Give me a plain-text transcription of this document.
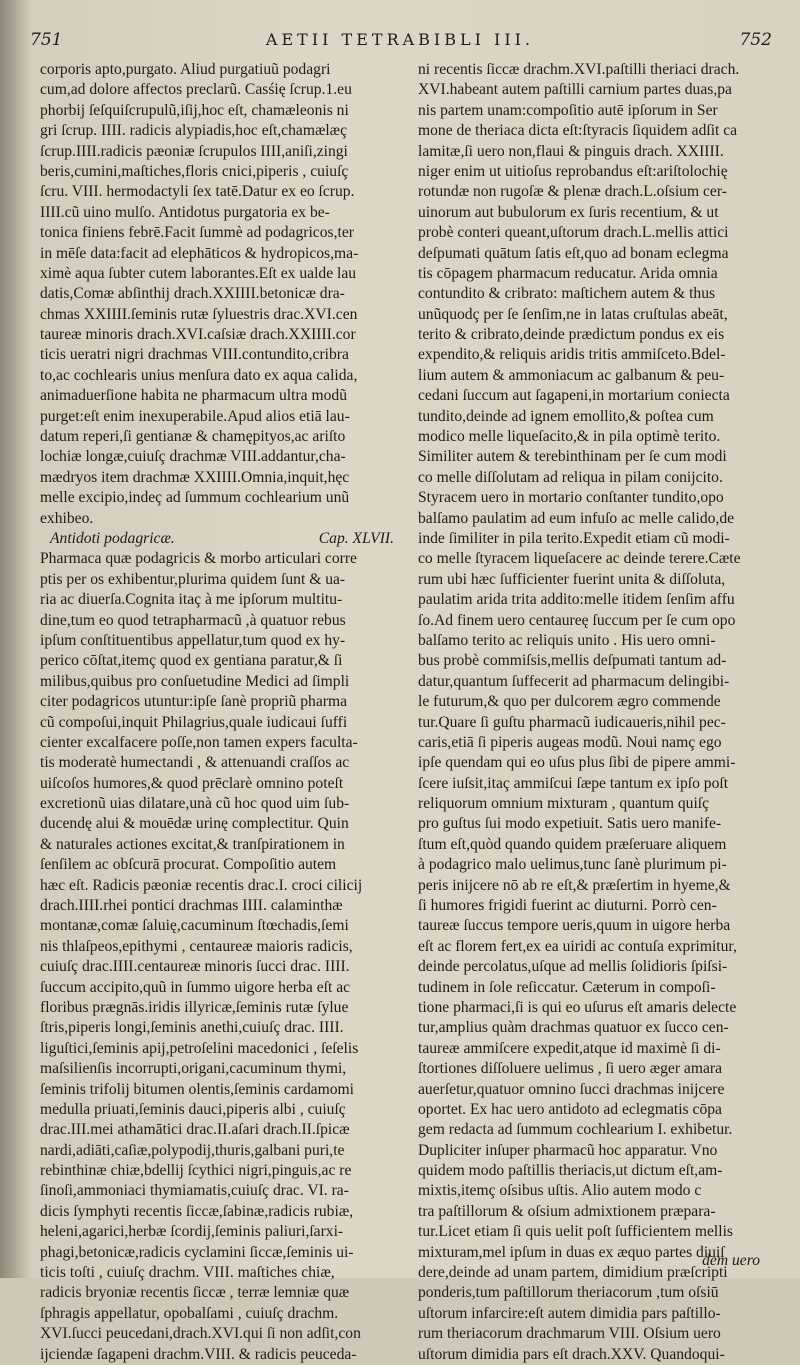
751	AETII TETRABIBLI III.	752
corporis apto,purgato. Aliud purgatiuũ podagri
cum,ad dolore affectos preclarũ. Casśię ſcrup.1.eu
phorbij ſeſquiſcrupulũ,iſij,hoc eſt, chamæleonis ni
gri ſcrup. IIII. radicis alypiadis,hoc eſt,chamælæç
ſcrup.IIII.radicis pæoniæ ſcrupulos IIII,aniſi,zingi
beris,cumini,maſtiches,floris cnici,piperis , cuiuſç
ſcru. VIII. hermodactyli ſex tatē.Datur ex eo ſcrup.
IIII.cũ uino mulſo. Antidotus purgatoria ex be-
tonica finiens febrē.Facit ſummè ad podagricos,ter
in mēſe data:facit ad elephāticos & hydropicos,ma-
ximè aqua ſubter cutem laborantes.Eſt ex ualde lau
datis,Comæ abſinthij drach.XXIIII.betonicæ dra-
chmas XXIIII.ſeminis rutæ ſyluestris drac.XVI.cen
taureæ minoris drach.XVI.caſsiæ drach.XXIIII.cor
ticis ueratri nigri drachmas VIII.contundito,cribra
to,ac cochlearis unius menſura dato ex aqua calida,
animaduerſione habita ne pharmacum ultra modũ
purget:eſt enim inexuperabile.Apud alios etiā lau-
datum reperi,ſi gentianæ & chamępityos,ac ariſto
lochiæ longæ,cuiuſç drachmæ VIII.addantur,cha-
mædryos item drachmæ XXIIII.Omnia,inquit,hęc
melle excipio,indeç ad ſummum cochlearium unũ
exhibeo.
Antidoti podagricæ.	Cap. XLVII.
Pharmaca quæ podagricis & morbo articulari corre
ptis per os exhibentur,plurima quidem ſunt & ua-
ria ac diuerſa.Cognita itaç à me ipſorum multitu-
dine,tum eo quod tetrapharmacũ ,à quatuor rebus
ipſum conſtituentibus appellatur,tum quod ex hy-
perico cōſtat,itemç quod ex gentiana paratur,& ſi
milibus,quibus pro conſuetudine Medici ad ſimpli
citer podagricos utuntur:ipſe ſanè propriũ pharma
cũ compoſui,inquit Philagrius,quale iudicaui ſuffi
cienter excalfacere poſſe,non tamen expers faculta-
tis moderatè humectandi , & attenuandi craſſos ac
uiſcoſos humores,& quod prēclarè omnino poteſt
excretionũ uias dilatare,unà cũ hoc quod uim ſub-
ducendę alui & mouēdæ urinę complectitur. Quin
& naturales actiones excitat,& tranſpirationem in
ſenſilem ac obſcurā procurat. Compoſitio autem
hæc eſt. Radicis pæoniæ recentis drac.I. croci cilicij
drach.IIII.rhei pontici drachmas IIII. calaminthæ
montanæ,comæ ſaluię,cacuminum ſtœchadis,ſemi
nis thlaſpeos,epithymi , centaureæ maioris radicis,
cuiuſç drac.IIII.centaureæ minoris ſucci drac. IIII.
ſuccum accipito,quũ in ſummo uigore herba eſt ac
floribus prægnās.iridis illyricæ,ſeminis rutæ ſylue
ſtris,piperis longi,ſeminis anethi,cuiuſç drac. IIII.
liguſtici,ſeminis apij,petroſelini macedonici , ſeſelis
maſsilienſis incorrupti,origani,cacuminum thymi,
ſeminis trifolij bitumen olentis,ſeminis cardamomi
medulla priuati,ſeminis dauci,piperis albi , cuiuſç
drac.III.mei athamātici drac.II.aſari drach.II.ſpicæ
nardi,adiāti,caſiæ,polypodij,thuris,galbani puri,te
rebinthinæ chiæ,bdellij ſcythici nigri,pinguis,ac re
ſinoſi,ammoniaci thymiamatis,cuiuſç drac. VI. ra-
dicis ſymphyti recentis ſiccæ,ſabinæ,radicis rubiæ,
heleni,agarici,herbæ ſcordij,ſeminis paliuri,ſarxi-
phagi,betonicæ,radicis cyclamini ſiccæ,ſeminis ui-
ticis toſti , cuiuſç drachm. VIII. maſtiches chiæ,
radicis bryoniæ recentis ſiccæ , terræ lemniæ quæ
ſphragis appellatur, opobalſami , cuiuſç drachm.
XVI.ſucci peucedani,drach.XVI.qui ſi non adſit,con
ijciendæ ſagapeni drachm.VIII. & radicis peuceda-
ni recentis ſiccæ drachm.XVI.paſtilli theriaci drach.
XVI.habeant autem paſtilli carnium partes duas,pa
nis partem unam:compoſitio autē ipſorum in Ser
mone de theriaca dicta eſt:ſtyracis ſiquidem adſit ca
lamitæ,ſi uero non,flaui & pinguis drach. XXIIII.
niger enim ut uitioſus reprobandus eſt:ariſtolochię
rotundæ non rugoſæ & plenæ drach.L.oſsium cer-
uinorum aut bubulorum ex ſuris recentium, & ut
probè conteri queant,uſtorum drach.L.mellis attici
deſpumati quātum ſatis eſt,quo ad bonam eclegma
tis cōpagem pharmacum reducatur. Arida omnia
contundito & cribrato: maſtichem autem & thus
unũquodç per ſe ſenſim,ne in latas cruſtulas abeāt,
terito & cribrato,deinde prædictum pondus ex eis
expendito,& reliquis aridis tritis ammiſceto.Bdel-
lium autem & ammoniacum ac galbanum & peu-
cedani ſuccum aut ſagapeni,in mortarium coniecta
tundito,deinde ad ignem emollito,& poſtea cum
modico melle liqueſacito,& in pila optimè terito.
Similiter autem & terebinthinam per ſe cum modi
co melle diſſolutam ad reliqua in pilam conijcito.
Styracem uero in mortario conſtanter tundito,opo
balſamo paulatim ad eum infuſo ac melle calido,de
inde ſimiliter in pila terito.Expedit etiam cũ modi-
co melle ſtyracem liqueſacere ac deinde terere.Cæte
rum ubi hæc ſufficienter fuerint unita & diſſoluta,
paulatim arida trita addito:melle itidem ſenſim affu
ſo.Ad finem uero centaureę ſuccum per ſe cum opo
balſamo terito ac reliquis unito . His uero omni-
bus probè commiſsis,mellis deſpumati tantum ad-
datur,quantum ſuffecerit ad pharmacum delingibi-
le futurum,& quo per dulcorem ægro commende
tur.Quare ſi guſtu pharmacũ iudicaueris,nihil pec-
caris,etiā ſi piperis augeas modũ. Noui namç ego
ipſe quendam qui eo uſus plus ſibi de pipere ammi-
ſcere iuſsit,itaç ammiſcui ſæpe tantum ex ipſo poſt
reliquorum omnium mixturam , quantum quiſç
pro guſtus ſui modo expetiuit. Satis uero manife-
ſtum eſt,quòd quando quidem præſeruare aliquem
à podagrico malo uelimus,tunc ſanè plurimum pi-
peris inijcere nō ab re eſt,& præſertim in hyeme,&
ſi humores frigidi fuerint ac diuturni. Porrò cen-
taureæ ſuccus tempore ueris,quum in uigore herba
eſt ac florem fert,ex ea uiridi ac contuſa exprimitur,
deinde percolatus,uſque ad mellis ſolidioris ſpiſsi-
tudinem in ſole reſiccatur. Cæterum in compoſi-
tione pharmaci,ſi is qui eo uſurus eſt amaris delecte
tur,amplius quàm drachmas quatuor ex ſucco cen-
taureæ ammiſcere expedit,atque id maximè ſi di-
ſtortiones diſſoluere uelimus , ſi uero æger amara
auerſetur,quatuor omnino ſucci drachmas inijcere
oportet. Ex hac uero antidoto ad eclegmatis cōpa
gem redacta ad ſummum cochlearium I. exhibetur.
Dupliciter inſuper pharmacũ hoc apparatur. Vno
quidem modo paſtillis theriacis,ut dictum eſt,am-
mixtis,itemç oſsibus uſtis. Alio autem modo c
tra paſtillorum & oſsium admixtionem præpara-
tur.Licet etiam ſi quis uelit poſt ſufficientem mellis
mixturam,mel ipſum in duas ex æquo partes diuiſ
dere,deinde ad unam partem, dimidium præſcripti
ponderis,tum paſtillorum theriacorum ,tum oſsiū
uſtorum infarcire:eſt autem dimidia pars paſtillo-
rum theriacorum drachmarum VIII. Oſsium uero
uſtorum dimidia pars eſt drach.XXV. Quandoqui-
dem uero
